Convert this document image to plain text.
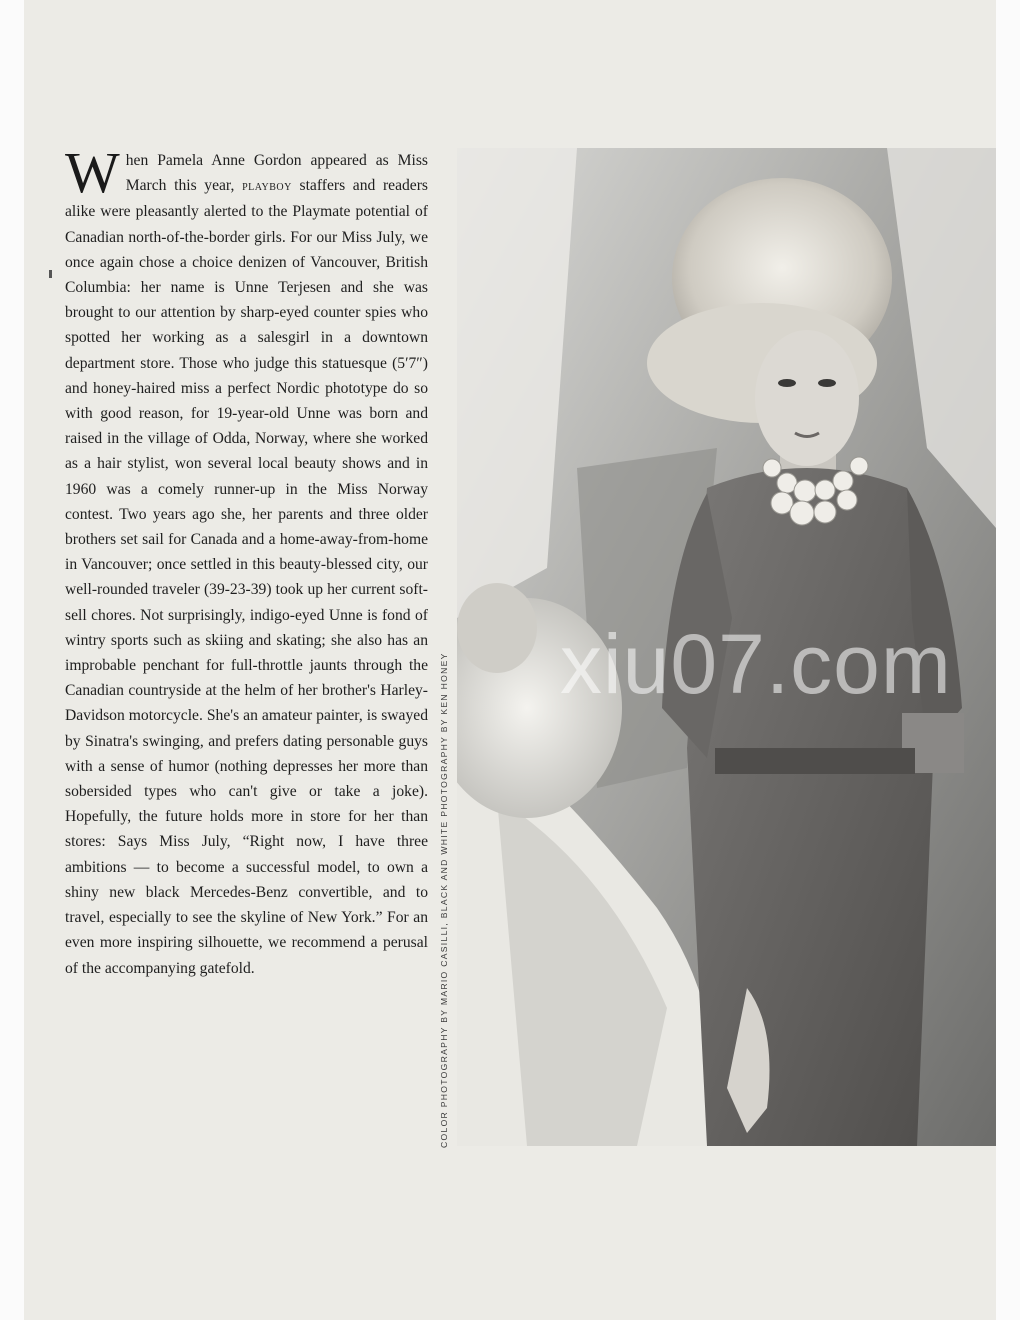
When Pamela Anne Gordon appeared as Miss March this year, playboy staffers and readers alike were pleasantly alerted to the Playmate potential of Canadian north-of-the-border girls. For our Miss July, we once again chose a choice denizen of Vancouver, British Columbia: her name is Unne Terjesen and she was brought to our attention by sharp-eyed counter spies who spotted her working as a salesgirl in a downtown department store. Those who judge this statuesque (5′7″) and honey-haired miss a perfect Nordic phototype do so with good reason, for 19-year-old Unne was born and raised in the village of Odda, Norway, where she worked as a hair stylist, won several local beauty shows and in 1960 was a comely runner-up in the Miss Norway contest. Two years ago she, her parents and three older brothers set sail for Canada and a home-away-from-home in Vancouver; once settled in this beauty-blessed city, our well-rounded traveler (39-23-39) took up her current soft-sell chores. Not surprisingly, indigo-eyed Unne is fond of wintry sports such as skiing and skating; she also has an improbable penchant for full-throttle jaunts through the Canadian countryside at the helm of her brother's Harley-Davidson motorcycle. She's an amateur painter, is swayed by Sinatra's swinging, and prefers dating personable guys with a sense of humor (nothing depresses her more than sobersided types who can't give or take a joke). Hopefully, the future holds more in store for her than stores: Says Miss July, “Right now, I have three ambitions — to become a successful model, to own a shiny new black Mercedes-Benz convertible, and to travel, especially to see the skyline of New York.” For an even more inspiring silhouette, we recommend a perusal of the accompanying gatefold.	COLOR PHOTOGRAPHY BY MARIO CASILLI, BLACK AND WHITE PHOTOGRAPHY BY KEN HONEY xiu07.com
